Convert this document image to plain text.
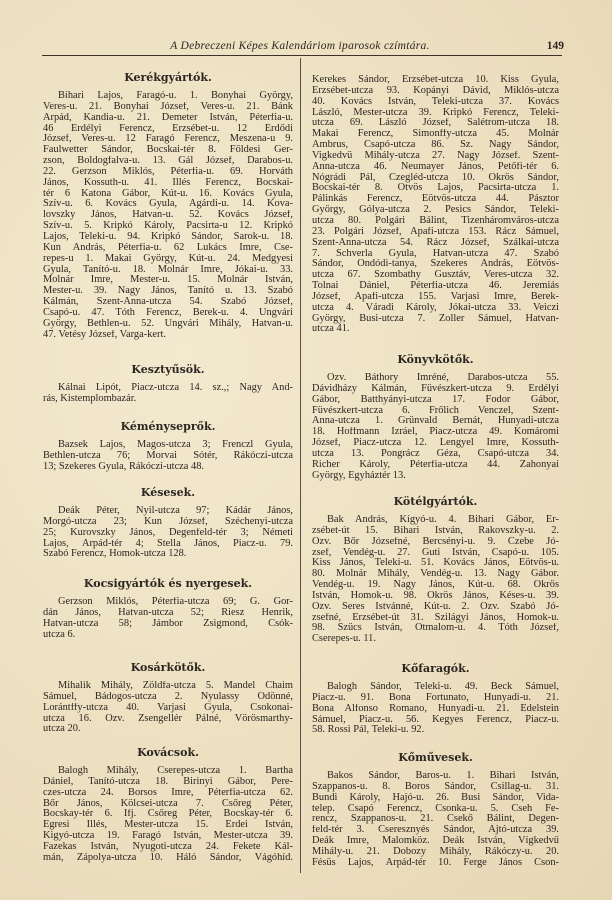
A Debreczeni Képes Kalendáriom iparosok czímtára.	149
Kerékgyártók.
Bihari Lajos, Faragó-u. 1. Bonyhai György,
Veres-u. 21. Bonyhai József, Veres-u. 21. Bánk
Árpád, Kandia-u. 21. Demeter István, Péterfia-u.
46 Erdélyi Ferencz, Erzsébet-u. 12 Erdődi
József, Veres-u. 12 Faragó Ferencz, Meszena-u 9.
Faulwetter Sándor, Bocskai-tér 8. Földesi Ger-
zson, Boldogfalva-u. 13. Gál József, Darabos-u.
22. Gerzson Miklós, Péterfia-u. 69. Horváth
János, Kossuth-u. 41. Illés Ferencz, Bocskai-
tér 6 Katona Gábor, Kút-u. 16. Kovács Gyula,
Szív-u. 6. Kovács Gyula, Agárdi-u. 14. Kova-
lovszky János, Hatvan-u. 52. Kovács József,
Szív-u. 5. Kripkó Károly, Pacsirta-u 12. Kripkó
Lajos, Teleki-u. 94. Kripkó Sándor, Sarok-u. 18.
Kun András, Péterfia-u. 62 Lukács Imre, Cse-
repes-u 1. Makai György, Kút-u. 24. Medgyesi
Gyula, Tanító-u. 18. Molnár Imre, Jókai-u. 33.
Molnár Imre, Mester-u. 15. Molnár István,
Mester-u. 39. Nagy János, Tanító u. 13. Szabó
Kálmán, Szent-Anna-utcza 54. Szabó József,
Csapó-u. 47. Tóth Ferencz, Berek-u. 4. Ungvári
György, Bethlen-u. 52. Ungvári Mihály, Hatvan-u.
47. Vetésy József, Varga-kert.
Kesztyűsök.
Kálnai Lipót, Piacz-utcza 14. sz.,; Nagy And-
rás, Kistemplombazár.
Kéményseprők.
Bazsek Lajos, Magos-utcza 3; Frenczl Gyula,
Bethlen-utcza 76; Morvai Sótér, Rákóczi-utcza
13; Szekeres Gyula, Rákóczi-utcza 48.
Késesek.
Deák Péter, Nyil-utcza 97; Kádár János,
Morgó-utcza 23; Kun József, Széchenyi-utcza
25; Kurovszky János, Degenfeld-tér 3; Németi
Lajos, Árpád-tér 4; Stella János, Piacz-u. 79.
Szabó Ferencz, Homok-utcza 128.
Kocsigyártók és nyergesek.
Gerzson Miklós, Péterfia-utcza 69; G. Gor-
dán János, Hatvan-utcza 52; Riesz Henrik,
Hatvan-utcza 58; Jámbor Zsigmond, Csók-
utcza 6.
Kosárkötők.
Mihalik Mihály, Zöldfa-utcza 5. Mandel Chaim
Sámuel, Bádogos-utcza 2. Nyulassy Ödönné,
Lorántffy-utcza 40. Varjasi Gyula, Csokonai-
utcza 16. Özv. Zsengellér Pálné, Vörösmarthy-
utcza 20.
Kovácsok.
Balogh Mihály, Cserepes-utcza 1. Bartha
Dániel, Tanító-utcza 18. Birinyi Gábor, Pere-
czes-utcza 24. Borsos Imre, Péterfia-utcza 62.
Bőr János, Kölcsei-utcza 7. Csőreg Péter,
Bocskay-tér 6. Ifj. Csőreg Péter, Bocskay-tér 6.
Egresi Illés, Mester-utcza 15. Erdei István,
Kigyó-utcza 19. Faragó István, Mester-utcza 39.
Fazekas István, Nyugoti-utcza 24. Fekete Kál-
mán, Zápolya-utcza 10. Háló Sándor, Vágóhíd.
Kerekes Sándor, Erzsébet-utcza 10. Kiss Gyula,
Erzsébet-utcza 93. Kopányi Dávid, Miklós-utcza
40. Kovács István, Teleki-utcza 37. Kovács
László, Mester-utcza 39. Kripkó Ferencz, Teleki-
utcza 69. László József, Salétrom-utcza 18.
Makai Ferencz, Simonffy-utcza 45. Molnár
Ambrus, Csapó-utcza 86. Sz. Nagy Sándor,
Vigkedvü Mihály-utcza 27. Nagy József. Szent-
Anna-utcza 46. Neumayer János, Petőfi-tér 6.
Nógrádi Pál, Czegléd-utcza 10. Ökrös Sándor,
Bocskai-tér 8. Ötvös Lajos, Pacsirta-utcza 1.
Pálinkás Ferencz, Eötvös-utcza 44. Pásztor
György, Gólya-utcza 2. Pesics Sándor, Teleki-
utcza 80. Polgári Bálint, Tizenháromváros-utcza
23. Polgári József, Apafi-utcza 153. Rácz Sámuel,
Szent-Anna-utcza 54. Rácz József, Szálkai-utcza
7. Schverla Gyula, Hatvan-utcza 47. Szabó
Sándor, Ondódi-tanya, Szekeres András, Eötvös-
utcza 67. Szombathy Gusztáv, Veres-utcza 32.
Tolnai Dániel, Péterfia-utcza 46. Jeremiás
József, Apafi-utcza 155. Varjasi Imre, Berek-
utcza 4. Váradi Károly, Jókai-utcza 33. Veiczi
György, Busi-utcza 7. Zoller Sámuel, Hatvan-
utcza 41.
Könyvkötők.
Özv. Báthory Imréné, Darabos-utcza 55.
Dávidházy Kálmán, Füvészkert-utcza 9. Erdélyi
Gábor, Batthyányi-utcza 17. Fodor Gábor,
Füvészkert-utcza 6. Frőlich Venczel, Szent-
Anna-utcza 1. Grünvald Bernát, Hunyadi-utcza
18. Hoffmann Izráel, Piacz-utcza 49. Komáromi
József, Piacz-utcza 12. Lengyel Imre, Kossuth-
utcza 13. Pongrácz Géza, Csapó-utcza 34.
Richer Károly, Péterfia-utcza 44. Zahonyai
György, Egyháztér 13.
Kötélgyártók.
Bak András, Kígyó-u. 4. Bihari Gábor, Er-
zsébet-út 15. Bihari István, Rakovszky-u. 2.
Özv. Bőr Józsefné, Bercsényi-u. 9. Czebe Jó-
zsef, Vendég-u. 27. Guti István, Csapó-u. 105.
Kiss János, Teleki-u. 51. Kovács János, Eötvös-u.
80. Molnár Mihály, Vendég-u. 13. Nagy Gábor.
Vendég-u. 19. Nagy János, Kút-u. 68. Ökrös
István, Homok-u. 98. Ökrös János, Késes-u. 39.
Özv. Seres Istvánné, Kút-u. 2. Özv. Szabó Jó-
zsefné, Erzsébet-út 31. Szilágyi János, Homok-u.
98. Szücs István, Ötmalom-u. 4. Tóth József,
Cserepes-u. 11.
Kőfaragók.
Balogh Sándor, Teleki-u. 49. Beck Sámuel,
Piacz-u. 91. Bona Fortunato, Hunyadi-u. 21.
Bona Alfonso Romano, Hunyadi-u. 21. Edelstein
Sámuel, Piacz-u. 56. Kegyes Ferencz, Piacz-u.
58. Rossi Pál, Teleki-u. 92.
Kőművesek.
Bakos Sándor, Baros-u. 1. Bihari István,
Szappanos-u. 8. Boros Sándor, Csillag-u. 31.
Bundi Károly, Hajó-u. 26. Busi Sándor, Vida-
telep. Csapó Ferencz, Csonka-u. 5. Cseh Fe-
rencz, Szappanos-u. 21. Csekő Bálint, Degen-
feld-tér 3. Cseresznyés Sándor, Ajtó-utcza 39.
Deák Imre, Malomköz. Deák István, Vígkedvű
Mihály-u. 21. Dobozy Mihály, Rákóczy-u. 20.
Fésüs Lajos, Árpád-tér 10. Ferge János Cson-
